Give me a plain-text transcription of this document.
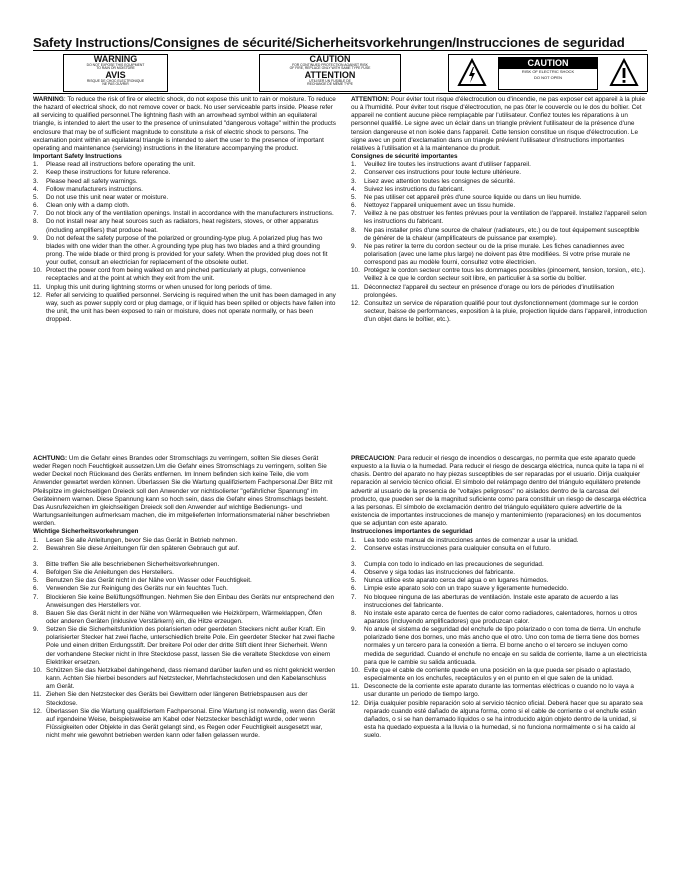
Safety Instructions/Consignes de sécurité/Sicherheitsvorkehrungen/Instrucciones de seguridad
WARNING
DO NOT EXPOSE THIS EQUIPMENT
TO RAIN OR MOISTURE
AVIS
RISQUE DE CHOC ELECTRONIQUE
NE PAS OUVRIR
CAUTION
FOR CONTINUED PROTECTION AGAINST RISK
OF FIRE, REPLACE ONLY WITH SAME TYPE FUSE
ATTENTION
UTILISER UN FUSIBLE DE
RECHANGE DE MÊME TYPE
CAUTION
RISK OF ELECTRIC SHOCK
DO NOT OPEN

WARNING: To reduce the risk of fire or electric shock, do not expose this unit to rain or moisture. To reduce the hazard of electrical shock, do not remove cover or back. No user serviceable parts inside. Please refer all servicing to qualified personnel.The lightning flash with an arrowhead symbol within an equilateral triangle, is intended to alert the user to the presence of uninsulated "dangerous voltage" within the products enclosure that may be of sufficient magnitude to constitute a risk of electric shock to persons. The exclamation point within an equilateral triangle is intended to alert the user to the presence of important operating and maintenance (servicing) instructions in the literature accompanying the product.

Important Safety Instructions
1. Please read all instructions before operating the unit.
2. Keep these instructions for future reference.
3. Please heed all safety warnings.
4. Follow manufacturers instructions.
5. Do not use this unit near water or moisture.
6. Clean only with a damp cloth.
7. Do not block any of the ventilation openings. Install in accordance with the manufacturers instructions.
8. Do not install near any heat sources such as radiators, heat registers, stoves, or other apparatus (including amplifiers) that produce heat.
9. Do not defeat the safety purpose of the polarized or grounding-type plug. A polarized plug has two blades with one wider than the other. A grounding type plug has two blades and a third grounding prong. The wide blade or third prong is provided for your safety. When the provided plug does not fit your outlet, consult an electrician for replacement of the obsolete outlet.
10. Protect the power cord from being walked on and pinched particularly at plugs, convenience receptacles and at the point at which they exit from the unit.
11. Unplug this unit during lightning storms or when unused for long periods of time.
12. Refer all servicing to qualified personnel. Servicing is required when the unit has been damaged in any way, such as power supply cord or plug damage, or if liquid has been spilled or objects have fallen into the unit, the unit has been exposed to rain or moisture, does not operate normally, or has been dropped.

ATTENTION: Pour éviter tout risque d'électrocution ou d'incendie, ne pas exposer cet appareil à la pluie ou à l'humidité. Pour éviter tout risque d'électrocution, ne pas ôter le couvercle ou le dos du boîtier. Cet appareil ne contient aucune pièce remplaçable par l'utilisateur. Confiez toutes les réparations à un personnel qualifié. Le signe avec un éclair dans un triangle prévient l'utilisateur de la présence d'une tension dangereuse et non isolée dans l'appareil. Cette tension constitue un risque d'électrocution. Le signe avec un point d'exclamation dans un triangle prévient l'utilisateur d'instructions importantes relatives à l'utilisation et à la maintenance du produit.

Consignes de sécurité importantes
1. Veuillez lire toutes les instructions avant d'utiliser l'appareil.
2. Conserver ces instructions pour toute lecture ultérieure.
3. Lisez avec attention toutes les consignes de sécurité.
4. Suivez les instructions du fabricant.
5. Ne pas utiliser cet appareil près d'une source liquide ou dans un lieu humide.
6. Nettoyez l'appareil uniquement avec un tissu humide.
7. Veillez à ne pas obstruer les fentes prévues pour la ventilation de l'appareil. Installez l'appareil selon les instructions du fabricant.
8. Ne pas installer près d'une source de chaleur (radiateurs, etc.) ou de tout équipement susceptible de générer de la chaleur (amplificateurs de puissance par exemple).
9. Ne pas retirer la terre du cordon secteur ou de la prise murale. Les fiches canadiennes avec polarisation (avec une lame plus large) ne doivent pas être modifiées. Si votre prise murale ne correspond pas au modèle fourni, consultez votre électricien.
10. Protégez le cordon secteur contre tous les dommages possibles (pincement, tension, torsion,, etc.). Veillez à ce que le cordon secteur soit libre, en particulier à sa sortie du boîtier.
11. Déconnectez l'appareil du secteur en présence d'orage ou lors de périodes d'inutilisation prolongées.
12. Consultez un service de réparation qualifié pour tout dysfonctionnement (dommage sur le cordon secteur, baisse de performances, exposition à la pluie, projection liquide dans l'appareil, introduction d'un objet dans le boîtier, etc.).

ACHTUNG: Um die Gefahr eines Brandes oder Stromschlags zu verringern, sollten Sie dieses Gerät weder Regen noch Feuchtigkeit aussetzen.Um die Gefahr eines Stromschlags zu verringern, sollten Sie weder Deckel noch Rückwand des Geräts entfernen. Im Innern befinden sich keine Teile, die vom Anwender gewartet werden können. Überlassen Sie die Wartung qualifiziertem Fachpersonal.Der Blitz mit Pfeilspitze im gleichseitigen Dreieck soll den Anwender vor nichtisolierter "gefährlicher Spannung" im Geräteinnern warnen. Diese Spannung kann so hoch sein, dass die Gefahr eines Stromschlags besteht. Das Ausrufezeichen im gleichseitigen Dreieck soll den Anwender auf wichtige Bedienungs- und Wartungsanleitungen aufmerksam machen, die im mitgelieferten Informationsmaterial näher beschrieben werden.

Wichtige Sicherheitsvorkehrungen
1. Lesen Sie alle Anleitungen, bevor Sie das Gerät in Betrieb nehmen.
2. Bewahren Sie diese Anleitungen für den späteren Gebrauch gut auf.
3. Bitte treffen Sie alle beschriebenen Sicherheitsvorkehrungen.
4. Befolgen Sie die Anleitungen des Herstellers.
5. Benutzen Sie das Gerät nicht in der Nähe von Wasser oder Feuchtigkeit.
6. Verwenden Sie zur Reinigung des Geräts nur ein feuchtes Tuch.
7. Blockieren Sie keine Belüftungsöffnungen. Nehmen Sie den Einbau des Geräts nur entsprechend den Anweisungen des Herstellers vor.
8. Bauen Sie das Gerät nicht in der Nähe von Wärmequellen wie Heizkörpern, Wärmeklappen, Öfen oder anderen Geräten (inklusive Verstärkern) ein, die Hitze erzeugen.
9. Setzen Sie die Sicherheitsfunktion des polarisierten oder geerdeten Steckers nicht außer Kraft. Ein polarisierter Stecker hat zwei flache, unterschiedlich breite Pole. Ein geerdeter Stecker hat zwei flache Pole und einen dritten Erdungsstift. Der breitere Pol oder der dritte Stift dient Ihrer Sicherheit. Wenn der vorhandene Stecker nicht in Ihre Steckdose passt, lassen Sie die veraltete Steckdose von einem Elektriker ersetzen.
10. Schützen Sie das Netzkabel dahingehend, dass niemand darüber laufen und es nicht geknickt werden kann. Achten Sie hierbei besonders auf Netzstecker, Mehrfachsteckdosen und den Kabelanschluss am Gerät.
11. Ziehen Sie den Netzstecker des Geräts bei Gewittern oder längeren Betriebspausen aus der Steckdose.
12. Überlassen Sie die Wartung qualifiziertem Fachpersonal. Eine Wartung ist notwendig, wenn das Gerät auf irgendeine Weise, beispielsweise am Kabel oder Netzstecker beschädigt wurde, oder wenn Flüssigkeiten oder Objekte in das Gerät gelangt sind, es Regen oder Feuchtigkeit ausgesetzt war, nicht mehr wie gewohnt betrieben werden kann oder fallen gelassen wurde.

PRECAUCION: Para reducir el riesgo de incendios o descargas, no permita que este aparato quede expuesto a la lluvia o la humedad. Para reducir el riesgo de descarga eléctrica, nunca quite la tapa ni el chasis. Dentro del aparato no hay piezas susceptibles de ser reparadas por el usuario. Dirija cualquier reparación al servicio técnico oficial. El símbolo del relámpago dentro del triángulo equilátero pretende advertir al usuario de la presencia de "voltajes peligrosos" no aislados dentro de la carcasa del producto, que pueden ser de la magnitud suficiente como para constituir un riesgo de descarga eléctrica a las personas. El símbolo de exclamación dentro del triángulo equilátero quiere advertirle de la existencia de importantes instrucciones de manejo y mantenimiento (reparaciones) en los documentos que se adjuntan con este aparato.

Instrucciones importantes de seguridad
1. Lea todo este manual de instrucciones antes de comenzar a usar la unidad.
2. Conserve estas instrucciones para cualquier consulta en el futuro.
3. Cumpla con todo lo indicado en las precauciones de seguridad.
4. Observe y siga todas las instrucciones del fabricante.
5. Nunca utilice este aparato cerca del agua o en lugares húmedos.
6. Limpie este aparato solo con un trapo suave y ligeramente humedecido.
7. No bloquee ninguna de las aberturas de ventilación. Instale este aparato de acuerdo a las instrucciones del fabricante.
8. No instale este aparato cerca de fuentes de calor como radiadores, calentadores, hornos u otros aparatos (incluyendo amplificadores) que produzcan calor.
9. No anule el sistema de seguridad del enchufe de tipo polarizado o con toma de tierra. Un enchufe polarizado tiene dos bornes, uno más ancho que el otro. Uno con toma de tierra tiene dos bornes normales y un tercero para la conexión a tierra. El borne ancho o el tercero se incluyen como medida de seguridad. Cuando el enchufe no encaje en su salida de corriente, llame a un electricista para que le cambie su salida anticuada.
10. Evite que el cable de corriente quede en una posición en la que pueda ser pisado o aplastado, especialmente en los enchufes, receptáculos y en el punto en el que salen de la unidad.
11. Desconecte de la corriente este aparato durante las tormentas eléctricas o cuando no lo vaya a usar durante un periodo de tiempo largo.
12. Dirija cualquier posible reparación solo al servicio técnico oficial. Deberá hacer que su aparato sea reparado cuando esté dañado de alguna forma, como si el cable de corriente o el enchufe están dañados, o si se han derramado líquidos o se ha introducido algún objeto dentro de la unidad, si esta ha quedado expuesta a la lluvia o la humedad, si no funciona normalmente o si ha caído al suelo.
